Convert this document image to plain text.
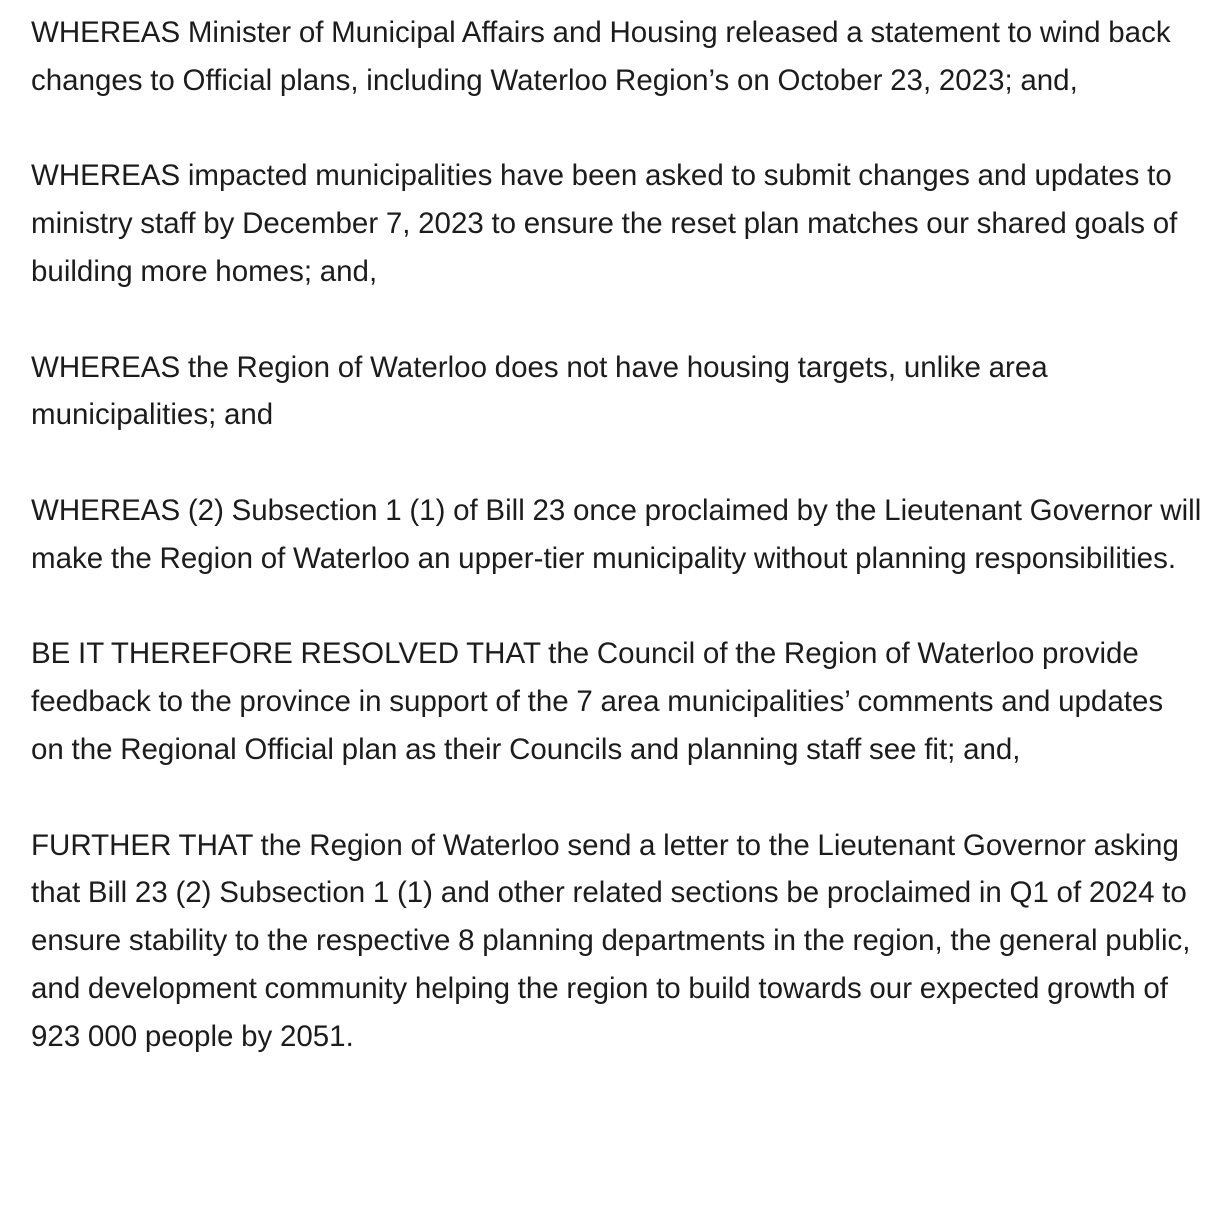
WHEREAS Minister of Municipal Affairs and Housing released a statement to wind back changes to Official plans, including Waterloo Region’s on October 23, 2023; and,

WHEREAS impacted municipalities have been asked to submit changes and updates to ministry staff by December 7, 2023 to ensure the reset plan matches our shared goals of building more homes; and,

WHEREAS the Region of Waterloo does not have housing targets, unlike area municipalities; and

WHEREAS (2) Subsection 1 (1) of Bill 23 once proclaimed by the Lieutenant Governor will make the Region of Waterloo an upper-tier municipality without planning responsibilities.

BE IT THEREFORE RESOLVED THAT the Council of the Region of Waterloo provide feedback to the province in support of the 7 area municipalities’ comments and updates on the Regional Official plan as their Councils and planning staff see fit; and,

FURTHER THAT the Region of Waterloo send a letter to the Lieutenant Governor asking that Bill 23 (2) Subsection 1 (1) and other related sections be proclaimed in Q1 of 2024 to ensure stability to the respective 8 planning departments in the region, the general public, and development community helping the region to build towards our expected growth of 923 000 people by 2051.
